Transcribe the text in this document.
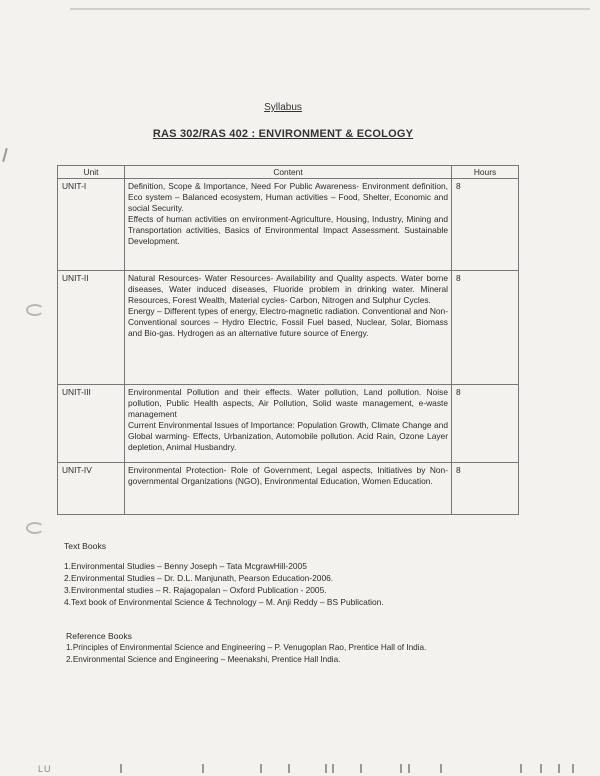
Syllabus
RAS 302/RAS 402 : ENVIRONMENT & ECOLOGY
Unit	Content	Hours
UNIT-I	Definition, Scope & Importance, Need For Public Awareness- Environment definition, Eco system – Balanced ecosystem, Human activities – Food, Shelter, Economic and social Security.
Effects of human activities on environment-Agriculture, Housing, Industry, Mining and Transportation activities, Basics of Environmental Impact Assessment. Sustainable Development.	8
UNIT-II	Natural Resources- Water Resources- Availability and Quality aspects. Water borne diseases, Water induced diseases, Fluoride problem in drinking water. Mineral Resources, Forest Wealth, Material cycles- Carbon, Nitrogen and Sulphur Cycles.
Energy – Different types of energy, Electro-magnetic radiation. Conventional and Non-Conventional sources – Hydro Electric, Fossil Fuel based, Nuclear, Solar, Biomass and Bio-gas. Hydrogen as an alternative future source of Energy.	8
UNIT-III	Environmental Pollution and their effects. Water pollution, Land pollution. Noise pollution, Public Health aspects, Air Pollution, Solid waste management, e-waste management
Current Environmental Issues of Importance: Population Growth, Climate Change and Global warming- Effects, Urbanization, Automobile pollution. Acid Rain, Ozone Layer depletion, Animal Husbandry.	8
UNIT-IV	Environmental Protection- Role of Government, Legal aspects, Initiatives by Non-governmental Organizations (NGO), Environmental Education, Women Education.	8

Text Books

1.Environmental Studies – Benny Joseph – Tata McgrawHill-2005

2.Environmental Studies – Dr. D.L. Manjunath, Pearson Education-2006.

3.Environmental studies – R. Rajagopalan – Oxford Publication - 2005.

4.Text book of Environmental Science & Technology – M. Anji Reddy – BS Publication.

Reference Books

1.Principles of Environmental Science and Engineering – P. Venugoplan Rao, Prentice Hall of India.

2.Environmental Science and Engineering – Meenakshi, Prentice Hall India.

LU
